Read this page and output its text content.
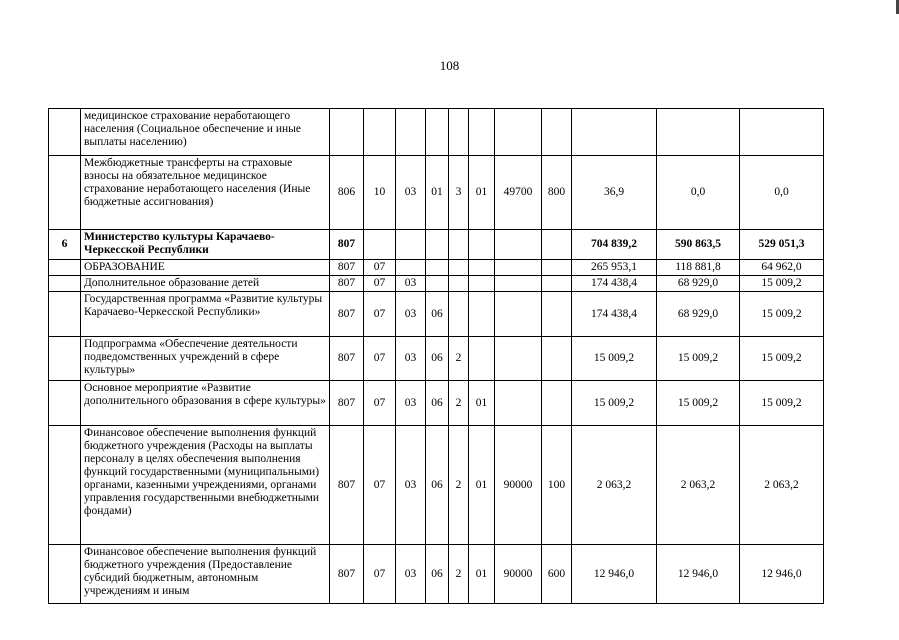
108
	медицинское страхование неработающего населения (Социальное обеспечение и иные выплаты населению)											
	Межбюджетные трансферты на страховые взносы на обязательное медицинское страхование неработающего населения (Иные бюджетные ассигнования)	806	10	03	01	3	01	49700	800	36,9	0,0	0,0
6	Министерство культуры Карачаево-Черкесской Республики	807								704 839,2	590 863,5	529 051,3
	ОБРАЗОВАНИЕ	807	07							265 953,1	118 881,8	64 962,0
	Дополнительное образование детей	807	07	03						174 438,4	68 929,0	15 009,2
	Государственная программа «Развитие культуры Карачаево-Черкесской Республики»	807	07	03	06					174 438,4	68 929,0	15 009,2
	Подпрограмма «Обеспечение деятельности подведомственных учреждений в сфере культуры»	807	07	03	06	2				15 009,2	15 009,2	15 009,2
	Основное мероприятие «Развитие дополнительного образования в сфере культуры»	807	07	03	06	2	01			15 009,2	15 009,2	15 009,2
	Финансовое обеспечение выполнения функций бюджетного учреждения (Расходы на выплаты персоналу в целях обеспечения выполнения функций государственными (муниципальными) органами, казенными учреждениями, органами управления государственными внебюджетными фондами)	807	07	03	06	2	01	90000	100	2 063,2	2 063,2	2 063,2
	Финансовое обеспечение выполнения функций бюджетного учреждения (Предоставление субсидий бюджетным, автономным учреждениям и иным	807	07	03	06	2	01	90000	600	12 946,0	12 946,0	12 946,0
